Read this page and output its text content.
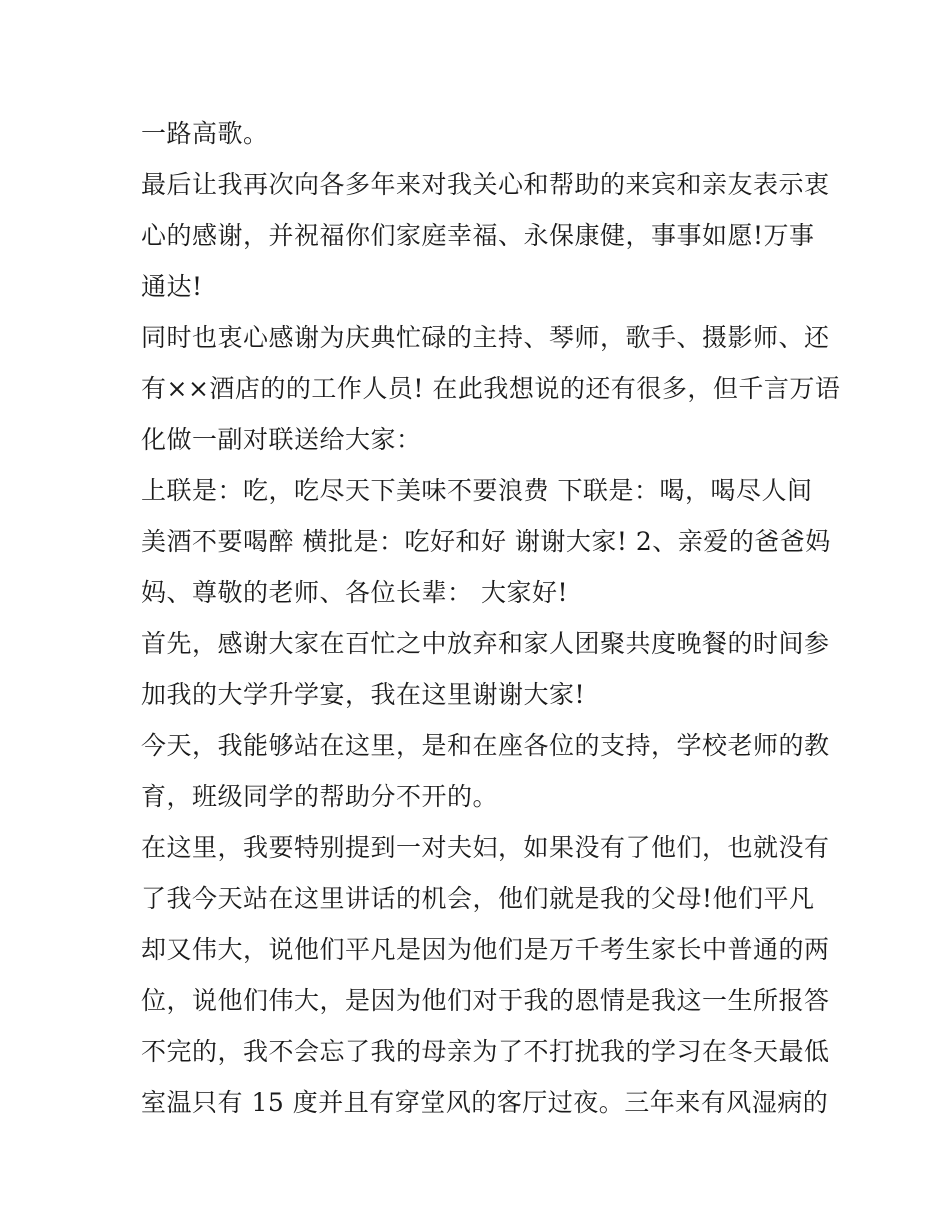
一路高歌。
最后让我再次向各多年来对我关心和帮助的来宾和亲友表示衷
心的感谢，并祝福你们家庭幸福、永保康健，事事如愿!万事
通达!
同时也衷心感谢为庆典忙碌的主持、琴师，歌手、摄影师、还
有××酒店的的工作人员! 在此我想说的还有很多，但千言万语
化做一副对联送给大家：
上联是：吃，吃尽天下美味不要浪费 下联是：喝，喝尽人间
美酒不要喝醉 横批是：吃好和好 谢谢大家! 2、亲爱的爸爸妈
妈、尊敬的老师、各位长辈： 大家好!
首先，感谢大家在百忙之中放弃和家人团聚共度晚餐的时间参
加我的大学升学宴，我在这里谢谢大家!
今天，我能够站在这里，是和在座各位的支持，学校老师的教
育，班级同学的帮助分不开的。
在这里，我要特别提到一对夫妇，如果没有了他们，也就没有
了我今天站在这里讲话的机会，他们就是我的父母!他们平凡
却又伟大，说他们平凡是因为他们是万千考生家长中普通的两
位，说他们伟大，是因为他们对于我的恩情是我这一生所报答
不完的，我不会忘了我的母亲为了不打扰我的学习在冬天最低
室温只有 15 度并且有穿堂风的客厅过夜。三年来有风湿病的
